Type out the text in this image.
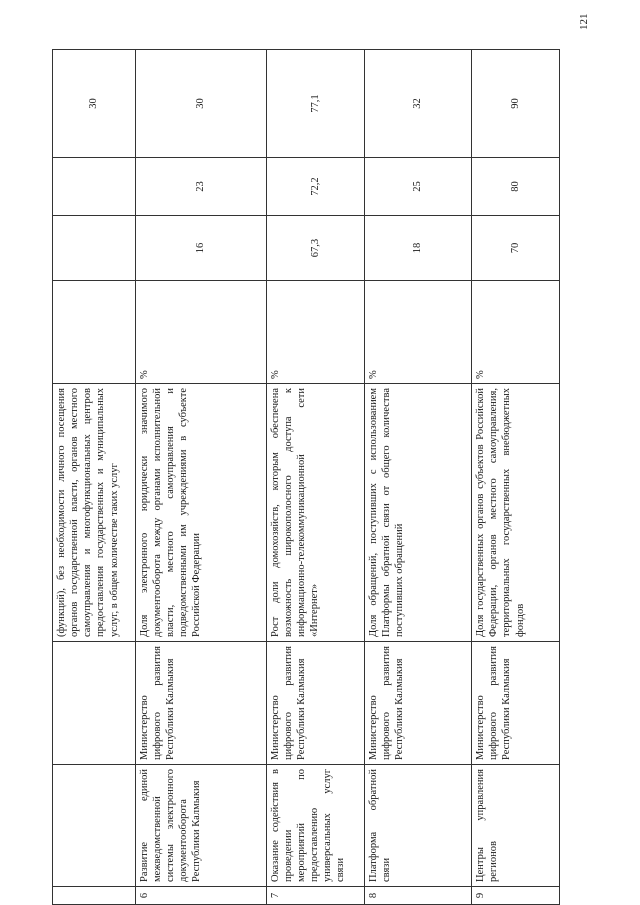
121
			(функций), без необходимости личного посещения органов государственной власти, органов местного самоуправления и многофункциональных центров предоставления государственных и муниципальных услуг, в общем количестве таких услуг				30
6	Развитие единой межведомственной системы электронного документооборота Республики Калмыкия	Министерство цифрового развития Республики Калмыкия	Доля электронного юридически значимого документооборота между органами исполнительной власти, местного самоуправления и подведомственными им учреждениями в субъекте Российской Федерации	%	16	23	30
7	Оказание содействия в проведении мероприятий по предоставлению универсальных услуг связи	Министерство цифрового развития Республики Калмыкия	Рост доли домохозяйств, которым обеспечена возможность широкополосного доступа к информационно-телекоммуникационной сети «Интернет»	%	67,3	72,2	77,1
8	Платформа обратной связи	Министерство цифрового развития Республики Калмыкия	Доля обращений, поступивших с использованием Платформы обратной связи от общего количества поступивших обращений	%	18	25	32
9	Центры управления регионов	Министерство цифрового развития Республики Калмыкия	Доля государственных органов субъектов Российской Федерации, органов местного самоуправления, территориальных государственных внебюджетных фондов	%	70	80	90
